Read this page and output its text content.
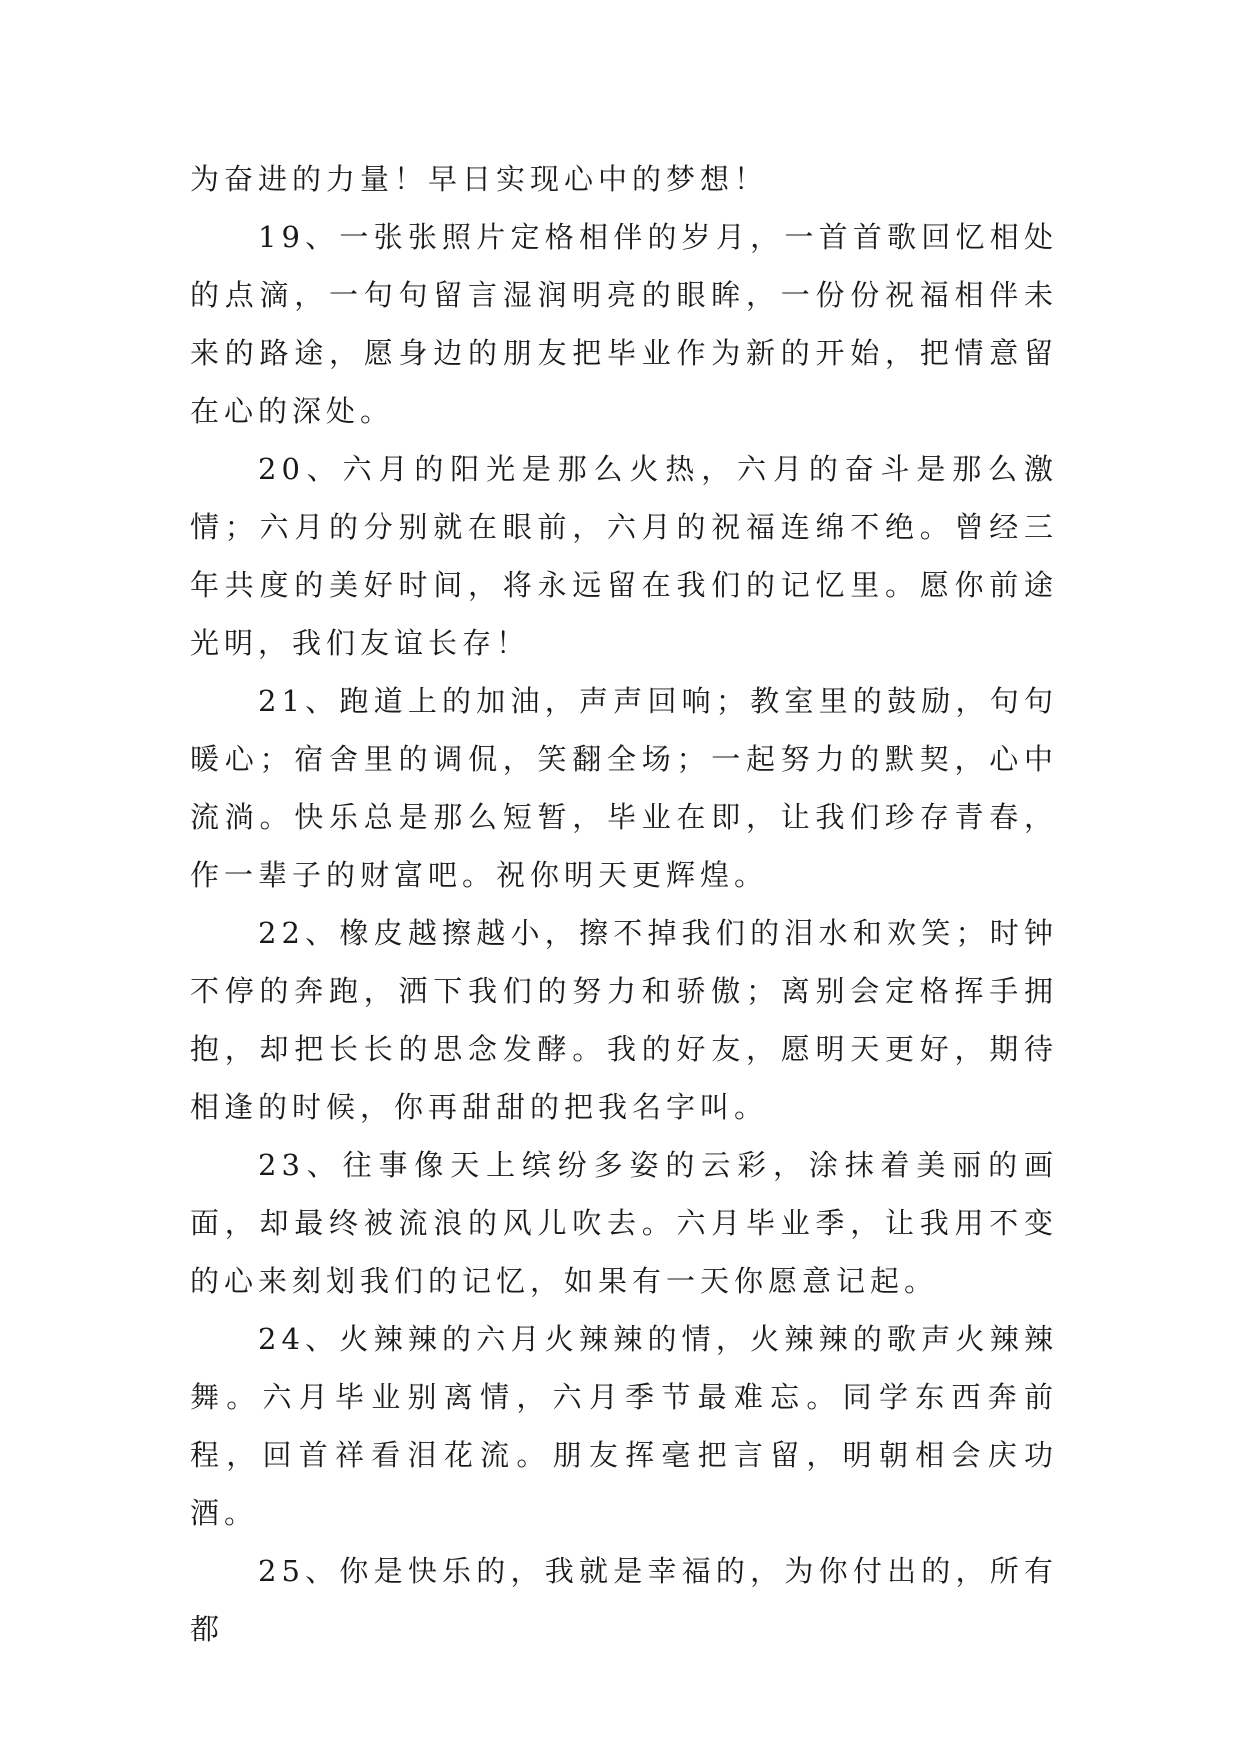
为奋进的力量！早日实现心中的梦想！

19、一张张照片定格相伴的岁月，一首首歌回忆相处的点滴，一句句留言湿润明亮的眼眸，一份份祝福相伴未来的路途，愿身边的朋友把毕业作为新的开始，把情意留在心的深处。

20、六月的阳光是那么火热，六月的奋斗是那么激情；六月的分别就在眼前，六月的祝福连绵不绝。曾经三年共度的美好时间，将永远留在我们的记忆里。愿你前途光明，我们友谊长存！

21、跑道上的加油，声声回响；教室里的鼓励，句句暖心；宿舍里的调侃，笑翻全场；一起努力的默契，心中流淌。快乐总是那么短暂，毕业在即，让我们珍存青春，作一辈子的财富吧。祝你明天更辉煌。

22、橡皮越擦越小，擦不掉我们的泪水和欢笑；时钟不停的奔跑，洒下我们的努力和骄傲；离别会定格挥手拥抱，却把长长的思念发酵。我的好友，愿明天更好，期待相逢的时候，你再甜甜的把我名字叫。

23、往事像天上缤纷多姿的云彩，涂抹着美丽的画面，却最终被流浪的风儿吹去。六月毕业季，让我用不变的心来刻划我们的记忆，如果有一天你愿意记起。

24、火辣辣的六月火辣辣的情，火辣辣的歌声火辣辣舞。六月毕业别离情，六月季节最难忘。同学东西奔前程，回首祥看泪花流。朋友挥毫把言留，明朝相会庆功酒。

25、你是快乐的，我就是幸福的，为你付出的，所有都
